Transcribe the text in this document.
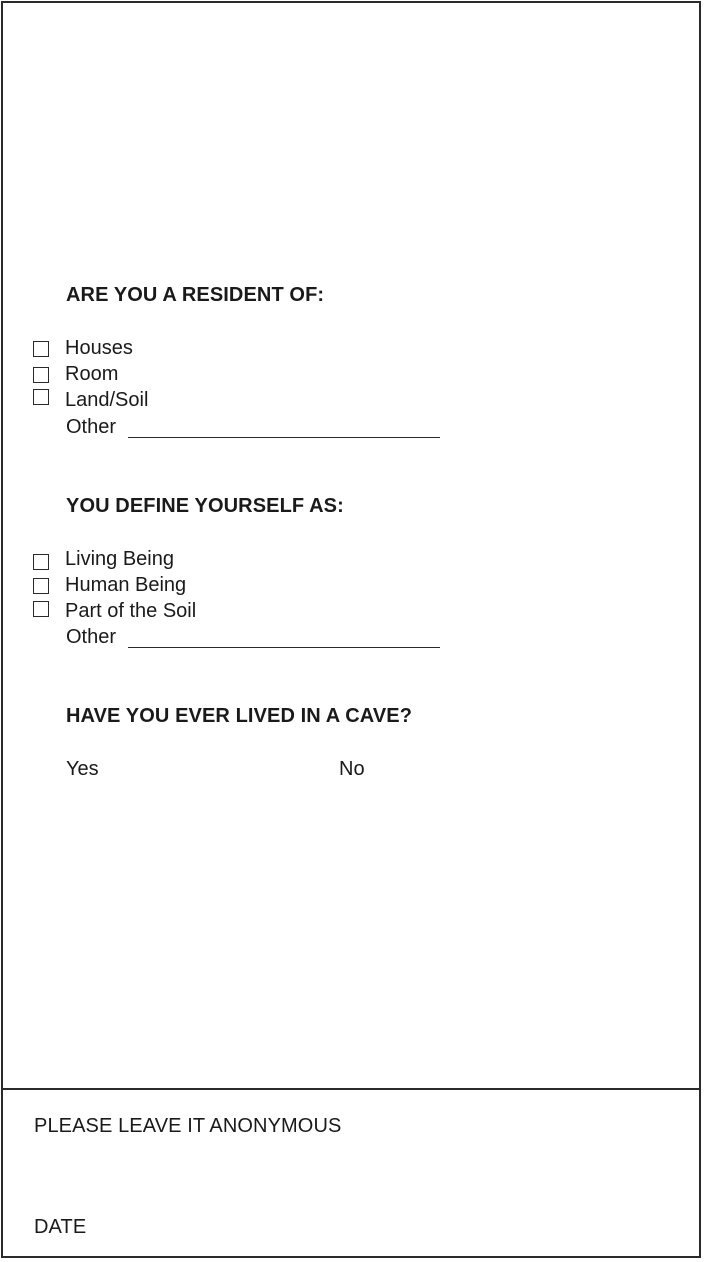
ARE YOU A RESIDENT OF:
Houses
Room
Land/Soil
Other
YOU DEFINE YOURSELF AS:
Living Being
Human Being
Part of the Soil
Other
HAVE YOU EVER LIVED IN A CAVE?
Yes	No
PLEASE LEAVE IT ANONYMOUS
DATE
